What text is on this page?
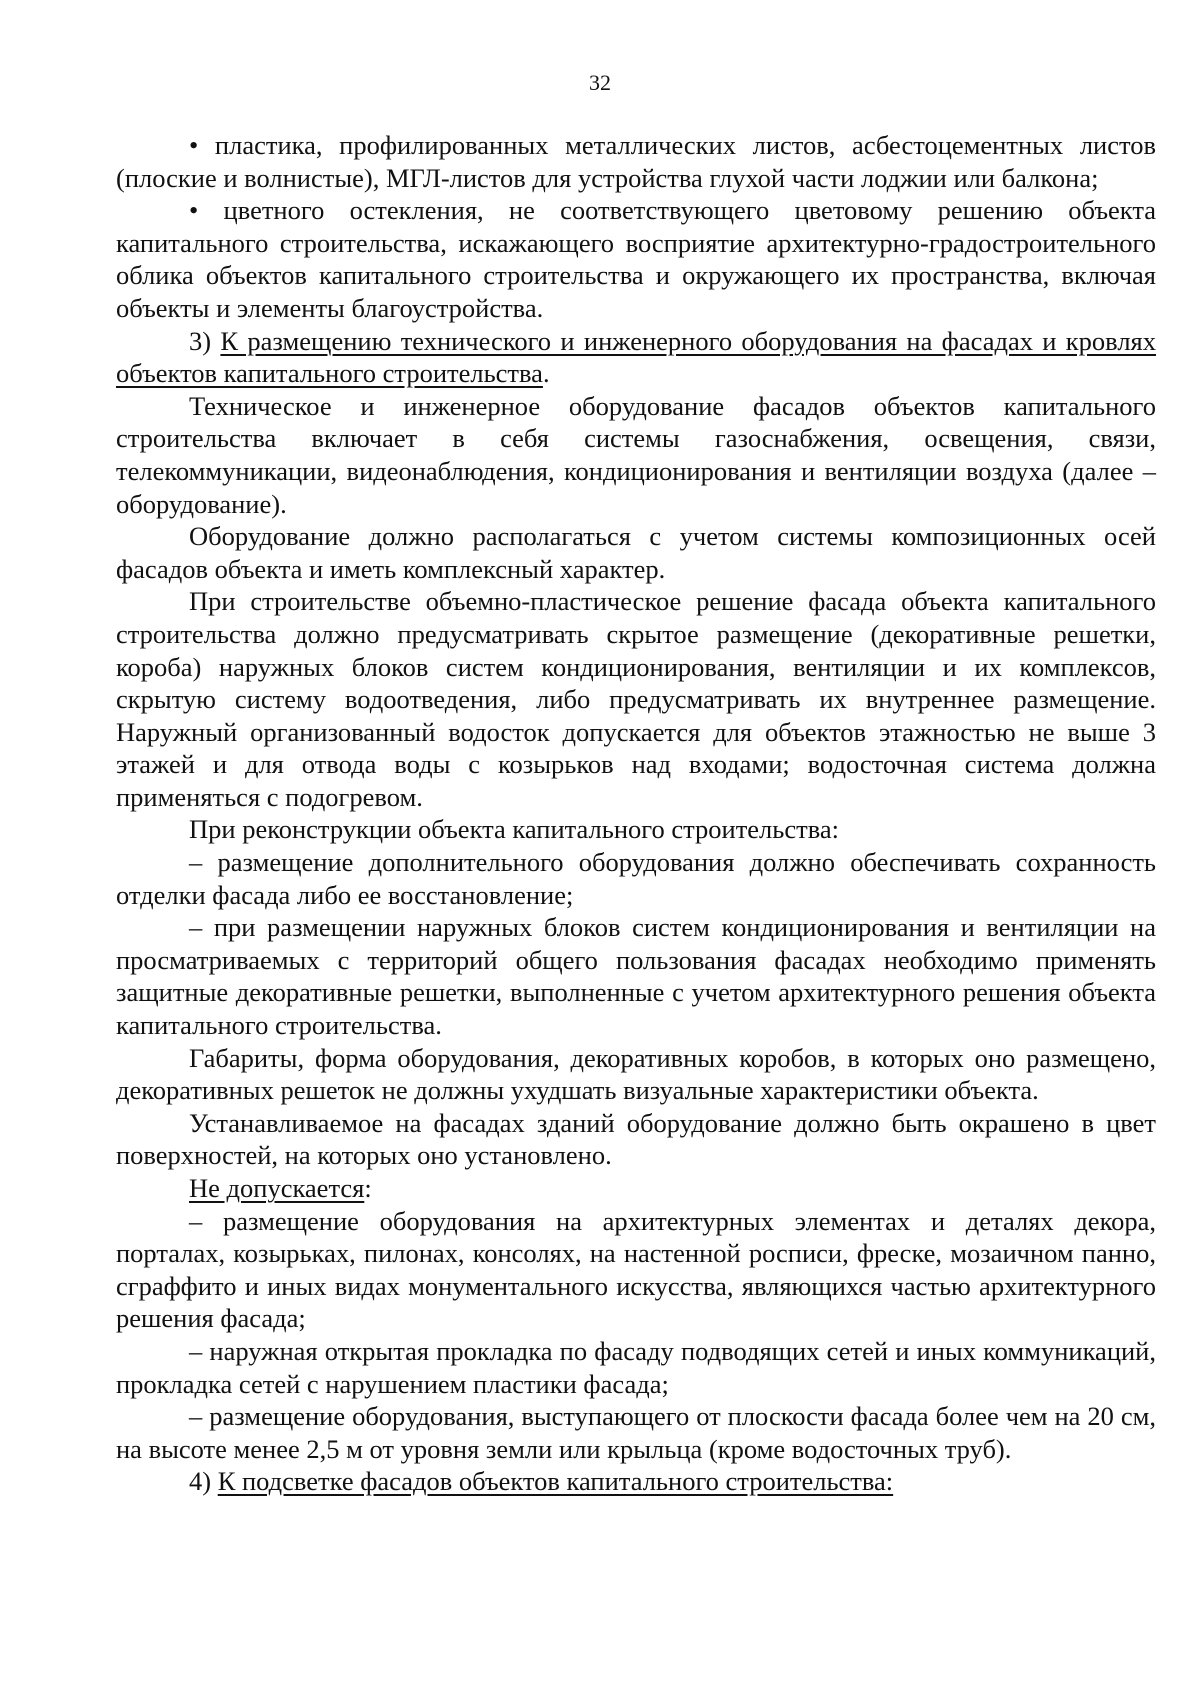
32

• пластика, профилированных металлических листов, асбестоцементных листов (плоские и волнистые), МГЛ-листов для устройства глухой части лоджии или балкона;

• цветного остекления, не соответствующего цветовому решению объекта капитального строительства, искажающего восприятие архитектурно-градостроительного облика объектов капитального строительства и окружающего их пространства, включая объекты и элементы благоустройства.

3) К размещению технического и инженерного оборудования на фасадах и кровлях объектов капитального строительства.

Техническое и инженерное оборудование фасадов объектов капитального строительства включает в себя системы газоснабжения, освещения, связи, телекоммуникации, видеонаблюдения, кондиционирования и вентиляции воздуха (далее – оборудование).

Оборудование должно располагаться с учетом системы композиционных осей фасадов объекта и иметь комплексный характер.

При строительстве объемно-пластическое решение фасада объекта капитального строительства должно предусматривать скрытое размещение (декоративные решетки, короба) наружных блоков систем кондиционирования, вентиляции и их комплексов, скрытую систему водоотведения, либо предусматривать их внутреннее размещение. Наружный организованный водосток допускается для объектов этажностью не выше 3 этажей и для отвода воды с козырьков над входами; водосточная система должна применяться с подогревом.

При реконструкции объекта капитального строительства:

– размещение дополнительного оборудования должно обеспечивать сохранность отделки фасада либо ее восстановление;

– при размещении наружных блоков систем кондиционирования и вентиляции на просматриваемых с территорий общего пользования фасадах необходимо применять защитные декоративные решетки, выполненные с учетом архитектурного решения объекта капитального строительства.

Габариты, форма оборудования, декоративных коробов, в которых оно размещено, декоративных решеток не должны ухудшать визуальные характеристики объекта.

Устанавливаемое на фасадах зданий оборудование должно быть окрашено в цвет поверхностей, на которых оно установлено.

Не допускается:

– размещение оборудования на архитектурных элементах и деталях декора, порталах, козырьках, пилонах, консолях, на настенной росписи, фреске, мозаичном панно, сграффито и иных видах монументального искусства, являющихся частью архитектурного решения фасада;

– наружная открытая прокладка по фасаду подводящих сетей и иных коммуникаций, прокладка сетей с нарушением пластики фасада;

– размещение оборудования, выступающего от плоскости фасада более чем на 20 см, на высоте менее 2,5 м от уровня земли или крыльца (кроме водосточных труб).

4) К подсветке фасадов объектов капитального строительства:
